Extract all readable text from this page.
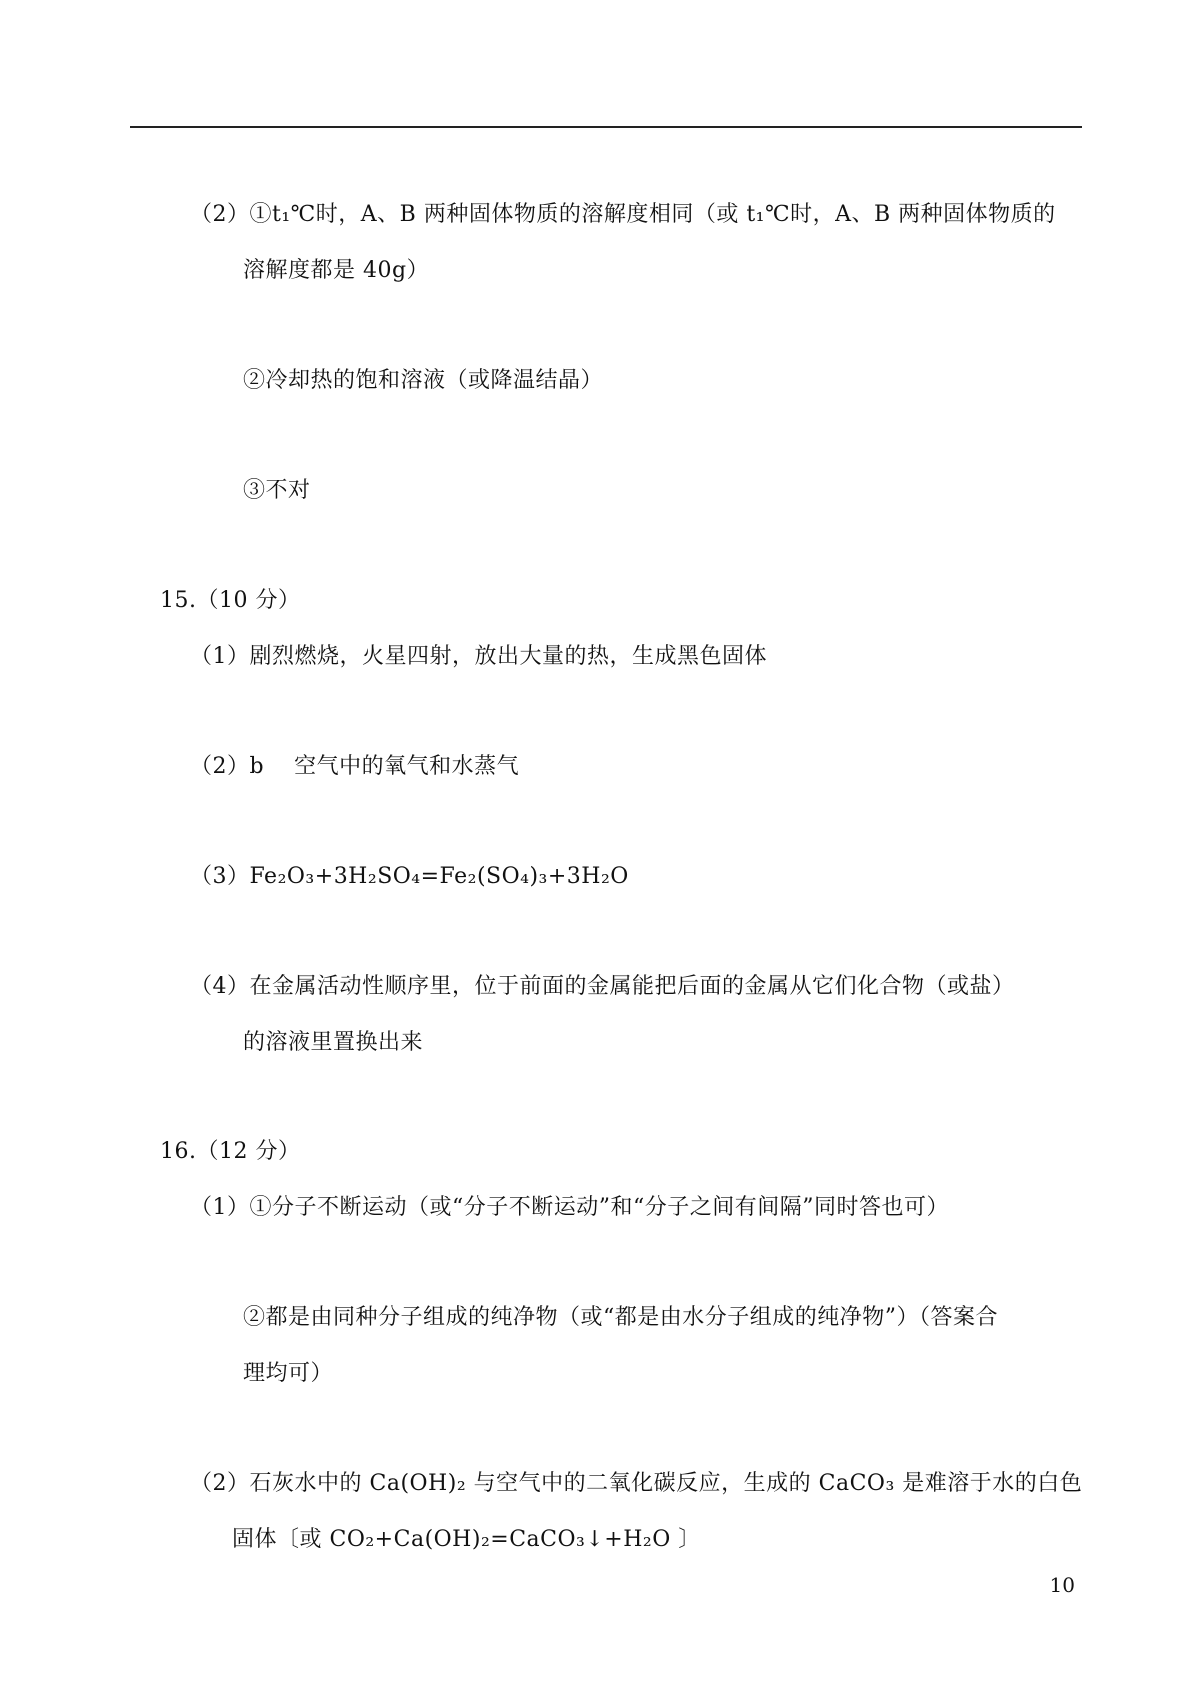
（2）①t₁℃时，A、B 两种固体物质的溶解度相同（或 t₁℃时，A、B 两种固体物质的
溶解度都是 40g）
②冷却热的饱和溶液（或降温结晶）
③不对
15.（10 分）
（1）剧烈燃烧，火星四射，放出大量的热，生成黑色固体
（2）b　 空气中的氧气和水蒸气
（3）Fe₂O₃+3H₂SO₄=Fe₂(SO₄)₃+3H₂O
（4）在金属活动性顺序里，位于前面的金属能把后面的金属从它们化合物（或盐）
的溶液里置换出来
16.（12 分）
（1）①分子不断运动（或“分子不断运动”和“分子之间有间隔”同时答也可）
②都是由同种分子组成的纯净物（或“都是由水分子组成的纯净物”）（答案合
理均可）
（2）石灰水中的 Ca(OH)₂ 与空气中的二氧化碳反应，生成的 CaCO₃ 是难溶于水的白色
固体〔或 CO₂+Ca(OH)₂=CaCO₃↓+H₂O 〕
10
